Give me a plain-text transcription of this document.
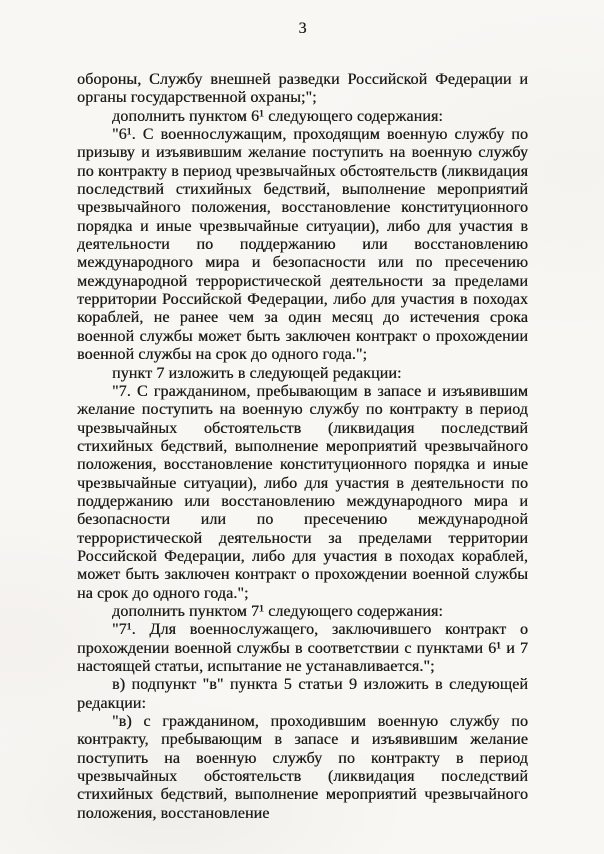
3

обороны, Службу внешней разведки Российской Федерации и органы государственной охраны;";

дополнить пунктом 6¹ следующего содержания:

"6¹. С военнослужащим, проходящим военную службу по призыву и изъявившим желание поступить на военную службу по контракту в период чрезвычайных обстоятельств (ликвидация последствий стихийных бедствий, выполнение мероприятий чрезвычайного положения, восстановление конституционного порядка и иные чрезвычайные ситуации), либо для участия в деятельности по поддержанию или восстановлению международного мира и безопасности или по пресечению международной террористической деятельности за пределами территории Российской Федерации, либо для участия в походах кораблей, не ранее чем за один месяц до истечения срока военной службы может быть заключен контракт о прохождении военной службы на срок до одного года.";

пункт 7 изложить в следующей редакции:

"7. С гражданином, пребывающим в запасе и изъявившим желание поступить на военную службу по контракту в период чрезвычайных обстоятельств (ликвидация последствий стихийных бедствий, выполнение мероприятий чрезвычайного положения, восстановление конституционного порядка и иные чрезвычайные ситуации), либо для участия в деятельности по поддержанию или восстановлению международного мира и безопасности или по пресечению международной террористической деятельности за пределами территории Российской Федерации, либо для участия в походах кораблей, может быть заключен контракт о прохождении военной службы на срок до одного года.";

дополнить пунктом 7¹ следующего содержания:

"7¹. Для военнослужащего, заключившего контракт о прохождении военной службы в соответствии с пунктами 6¹ и 7 настоящей статьи, испытание не устанавливается.";

в) подпункт "в" пункта 5 статьи 9 изложить в следующей редакции:

"в) с гражданином, проходившим военную службу по контракту, пребывающим в запасе и изъявившим желание поступить на военную службу по контракту в период чрезвычайных обстоятельств (ликвидация последствий стихийных бедствий, выполнение мероприятий чрезвычайного положения, восстановление
